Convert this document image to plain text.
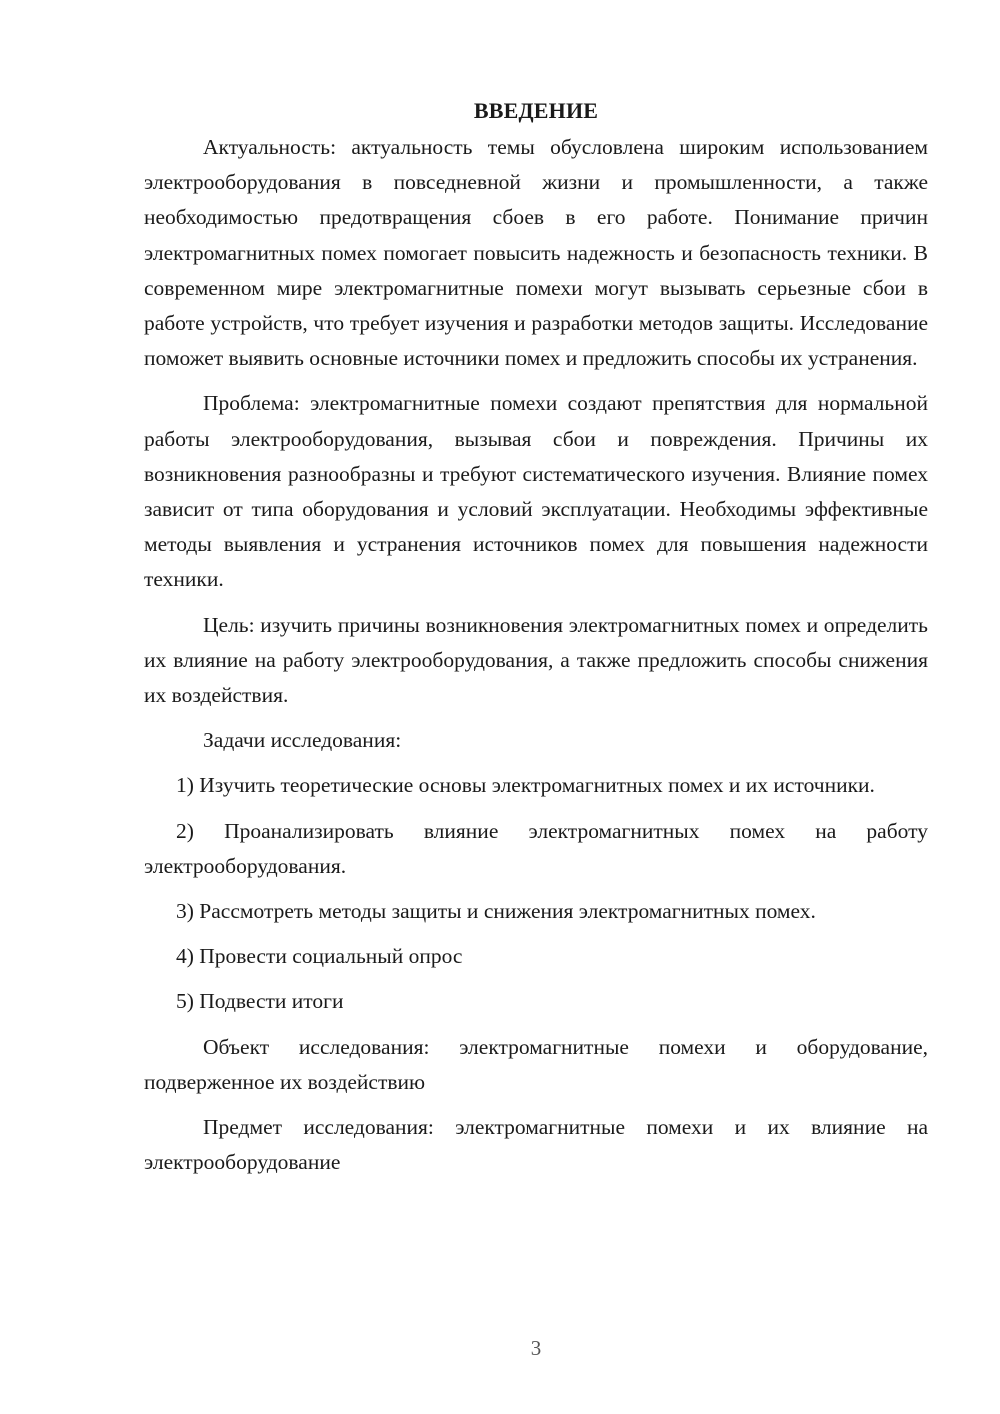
ВВЕДЕНИЕ

Актуальность: актуальность темы обусловлена широким использованием электрооборудования в повседневной жизни и промышленности, а также необходимостью предотвращения сбоев в его работе. Понимание причин электромагнитных помех помогает повысить надежность и безопасность техники. В современном мире электромагнитные помехи могут вызывать серьезные сбои в работе устройств, что требует изучения и разработки методов защиты. Исследование поможет выявить основные источники помех и предложить способы их устранения.

Проблема: электромагнитные помехи создают препятствия для нормальной работы электрооборудования, вызывая сбои и повреждения. Причины их возникновения разнообразны и требуют систематического изучения. Влияние помех зависит от типа оборудования и условий эксплуатации. Необходимы эффективные методы выявления и устранения источников помех для повышения надежности техники.

Цель: изучить причины возникновения электромагнитных помех и определить их влияние на работу электрооборудования, а также предложить способы снижения их воздействия.

Задачи исследования:

1) Изучить теоретические основы электромагнитных помех и их источники.

2) Проанализировать влияние электромагнитных помех на работу электрооборудования.

3) Рассмотреть методы защиты и снижения электромагнитных помех.

4) Провести социальный опрос

5) Подвести итоги

Объект исследования: электромагнитные помехи и оборудование, подверженное их воздействию

Предмет исследования: электромагнитные помехи и их влияние на электрооборудование

3
